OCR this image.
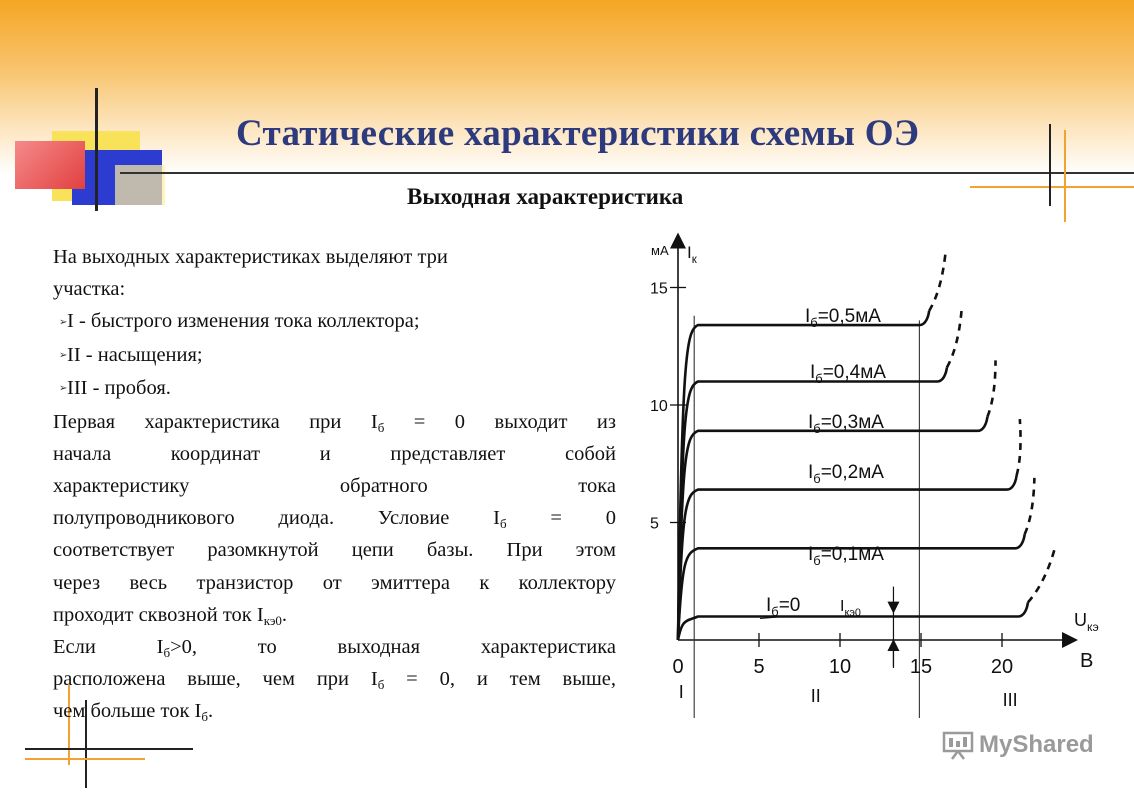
Статические характеристики схемы ОЭ
Выходная характеристика

На выходных характеристиках выделяют три

участка:

➢I - быстрого изменения тока коллектора;

➢II - насыщения;

➢III - пробоя.

Первая характеристика при $I_б = 0$ выходит из

начала координат и представляет собой

характеристику обратного тока

полупроводникового диода. Условие $I_б = 0$

соответствует разомкнутой цепи базы. При этом

через весь транзистор от эмиттера к коллектору

проходит сквозной ток $I_{кэ0}$.

Если $I_б>0$, то выходная характеристика

расположена выше, чем при $I_б = 0$, и тем выше,

чем больше ток $I_б$.

5
10
15
0	5	10	15	20
мА $I_к$
$U_{кэ}$
В
I	II	III
$I_б=0,5мА$
$I_б=0,4мА$
$I_б=0,3мА$
$I_б=0,2мА$
$I_б=0,1мА$
$I_б=0$ $I_{кэ0}$
MyShared
